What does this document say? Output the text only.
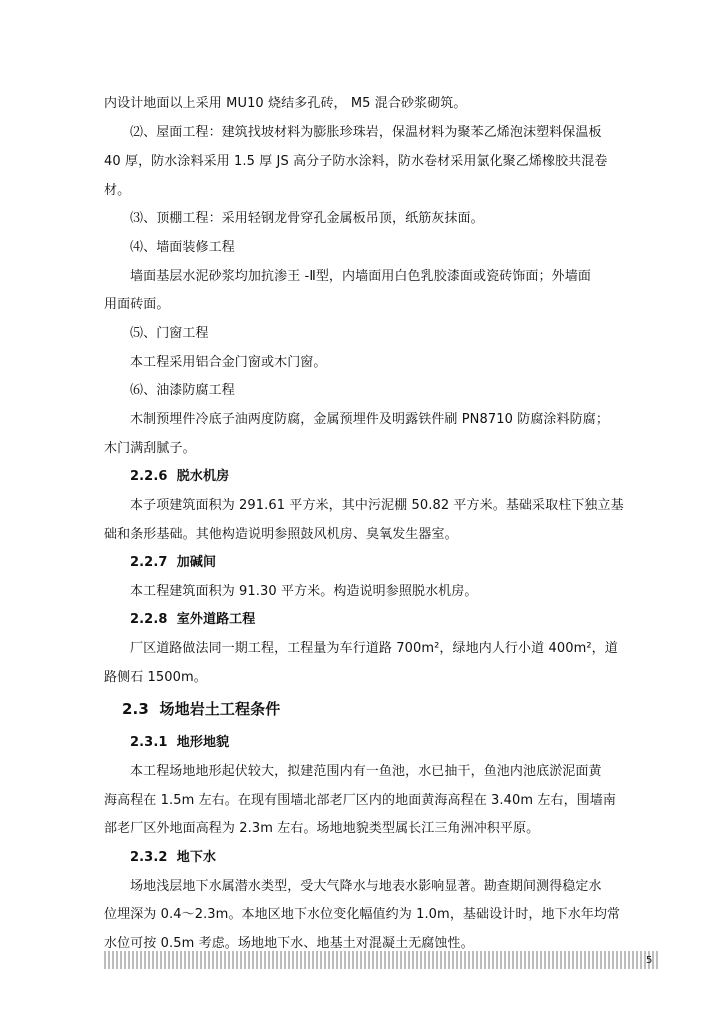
内设计地面以上采用 MU10 烧结多孔砖， M5 混合砂浆砌筑。
⑵、屋面工程：建筑找坡材料为膨胀珍珠岩，保温材料为聚苯乙烯泡沫塑料保温板
40 厚，防水涂料采用 1.5 厚 JS 高分子防水涂料，防水卷材采用氯化聚乙烯橡胶共混卷
材。
⑶、顶棚工程：采用轻钢龙骨穿孔金属板吊顶，纸筋灰抹面。
⑷、墙面装修工程
墙面基层水泥砂浆均加抗渗王 -Ⅱ型，内墙面用白色乳胶漆面或瓷砖饰面；外墙面
用面砖面。
⑸、门窗工程
本工程采用铝合金门窗或木门窗。
⑹、油漆防腐工程
木制预埋件冷底子油两度防腐，金属预埋件及明露铁件刷 PN8710 防腐涂料防腐；
木门满刮腻子。
2.2.6  脱水机房
本子项建筑面积为 291.61 平方米，其中污泥棚 50.82 平方米。基础采取柱下独立基
础和条形基础。其他构造说明参照鼓风机房、臭氧发生器室。
2.2.7  加碱间
本工程建筑面积为 91.30 平方米。构造说明参照脱水机房。
2.2.8  室外道路工程
厂区道路做法同一期工程，工程量为车行道路 700m²，绿地内人行小道 400m²，道
路侧石 1500m。
2.3  场地岩土工程条件
2.3.1  地形地貌
本工程场地地形起伏较大，拟建范围内有一鱼池，水已抽干，鱼池内池底淤泥面黄
海高程在 1.5m 左右。在现有围墙北部老厂区内的地面黄海高程在 3.40m 左右，围墙南
部老厂区外地面高程为 2.3m 左右。场地地貌类型属长江三角洲冲积平原。
2.3.2  地下水
场地浅层地下水属潜水类型，受大气降水与地表水影响显著。勘查期间测得稳定水
位埋深为 0.4～2.3m。本地区地下水位变化幅值约为 1.0m，基础设计时，地下水年均常
水位可按 0.5m 考虑。场地地下水、地基土对混凝土无腐蚀性。
5
